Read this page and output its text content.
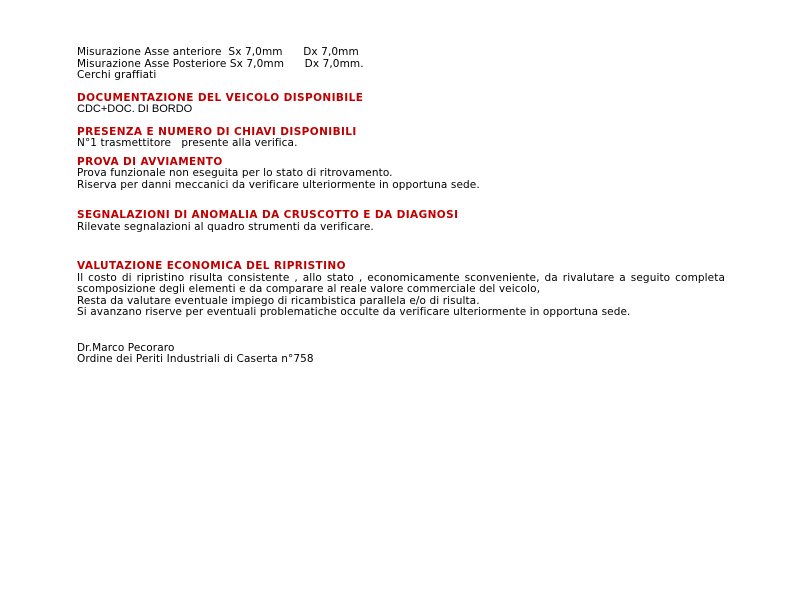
Misurazione Asse anteriore  Sx 7,0mm      Dx 7,0mm
Misurazione Asse Posteriore Sx 7,0mm      Dx 7,0mm.
Cerchi graffiati
DOCUMENTAZIONE DEL VEICOLO DISPONIBILE
CDC+DOC. DI BORDO
PRESENZA E NUMERO DI CHIAVI DISPONIBILI
N°1 trasmettitore   presente alla verifica.
PROVA DI AVVIAMENTO
Prova funzionale non eseguita per lo stato di ritrovamento.
Riserva per danni meccanici da verificare ulteriormente in opportuna sede.
SEGNALAZIONI DI ANOMALIA DA CRUSCOTTO E DA DIAGNOSI
Rilevate segnalazioni al quadro strumenti da verificare.
VALUTAZIONE ECONOMICA DEL RIPRISTINO
Il costo di ripristino risulta consistente , allo stato , economicamente sconveniente, da rivalutare a seguito completa scomposizione degli elementi e da comparare al reale valore commerciale del veicolo,
Resta da valutare eventuale impiego di ricambistica parallela e/o di risulta.
Si avanzano riserve per eventuali problematiche occulte da verificare ulteriormente in opportuna sede.
Dr.Marco Pecoraro
Ordine dei Periti Industriali di Caserta n°758
